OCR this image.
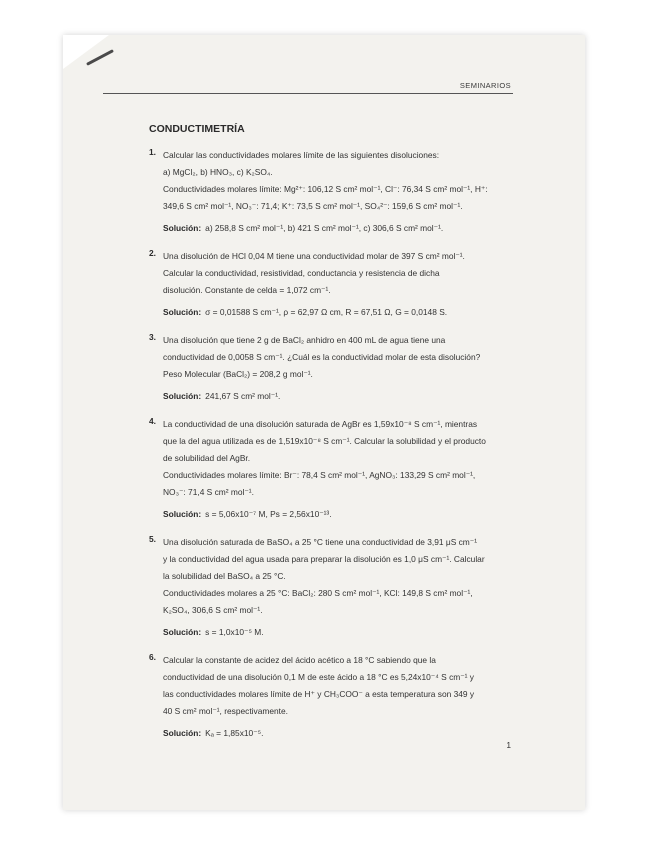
SEMINARIOS
CONDUCTIMETRÍA
1. Calcular las conductividades molares límite de las siguientes disoluciones:
a) MgCl₂, b) HNO₃, c) K₂SO₄.
Conductividades molares límite: Mg²⁺: 106,12 S cm² mol⁻¹, Cl⁻: 76,34 S cm² mol⁻¹, H⁺:
349,6 S cm² mol⁻¹, NO₃⁻: 71,4; K⁺: 73,5 S cm² mol⁻¹, SO₄²⁻: 159,6 S cm² mol⁻¹.
Solución: a) 258,8 S cm² mol⁻¹, b) 421 S cm² mol⁻¹, c) 306,6 S cm² mol⁻¹.
2. Una disolución de HCl 0,04 M tiene una conductividad molar de 397 S cm² mol⁻¹.
Calcular la conductividad, resistividad, conductancia y resistencia de dicha
disolución. Constante de celda = 1,072 cm⁻¹.
Solución: σ = 0,01588 S cm⁻¹, ρ = 62,97 Ω cm, R = 67,51 Ω, G = 0,0148 S.
3. Una disolución que tiene 2 g de BaCl₂ anhidro en 400 mL de agua tiene una
conductividad de 0,0058 S cm⁻¹. ¿Cuál es la conductividad molar de esta disolución?
Peso Molecular (BaCl₂) = 208,2 g mol⁻¹.
Solución: 241,67 S cm² mol⁻¹.
4. La conductividad de una disolución saturada de AgBr es 1,59x10⁻⁸ S cm⁻¹, mientras
que la del agua utilizada es de 1,519x10⁻⁸ S cm⁻¹. Calcular la solubilidad y el producto
de solubilidad del AgBr.
Conductividades molares límite: Br⁻: 78,4 S cm² mol⁻¹, AgNO₃: 133,29 S cm² mol⁻¹,
NO₃⁻: 71,4 S cm² mol⁻¹.
Solución: s = 5,06x10⁻⁷ M, Ps = 2,56x10⁻¹³.
5. Una disolución saturada de BaSO₄ a 25 °C tiene una conductividad de 3,91 μS cm⁻¹
y la conductividad del agua usada para preparar la disolución es 1,0 μS cm⁻¹. Calcular
la solubilidad del BaSO₄ a 25 °C.
Conductividades molares a 25 °C: BaCl₂: 280 S cm² mol⁻¹, KCl: 149,8 S cm² mol⁻¹,
K₂SO₄, 306,6 S cm² mol⁻¹.
Solución: s = 1,0x10⁻⁵ M.
6. Calcular la constante de acidez del ácido acético a 18 °C sabiendo que la
conductividad de una disolución 0,1 M de este ácido a 18 °C es 5,24x10⁻⁴ S cm⁻¹ y
las conductividades molares límite de H⁺ y CH₃COO⁻ a esta temperatura son 349 y
40 S cm² mol⁻¹, respectivamente.
Solución: Kₐ = 1,85x10⁻⁵.
1
